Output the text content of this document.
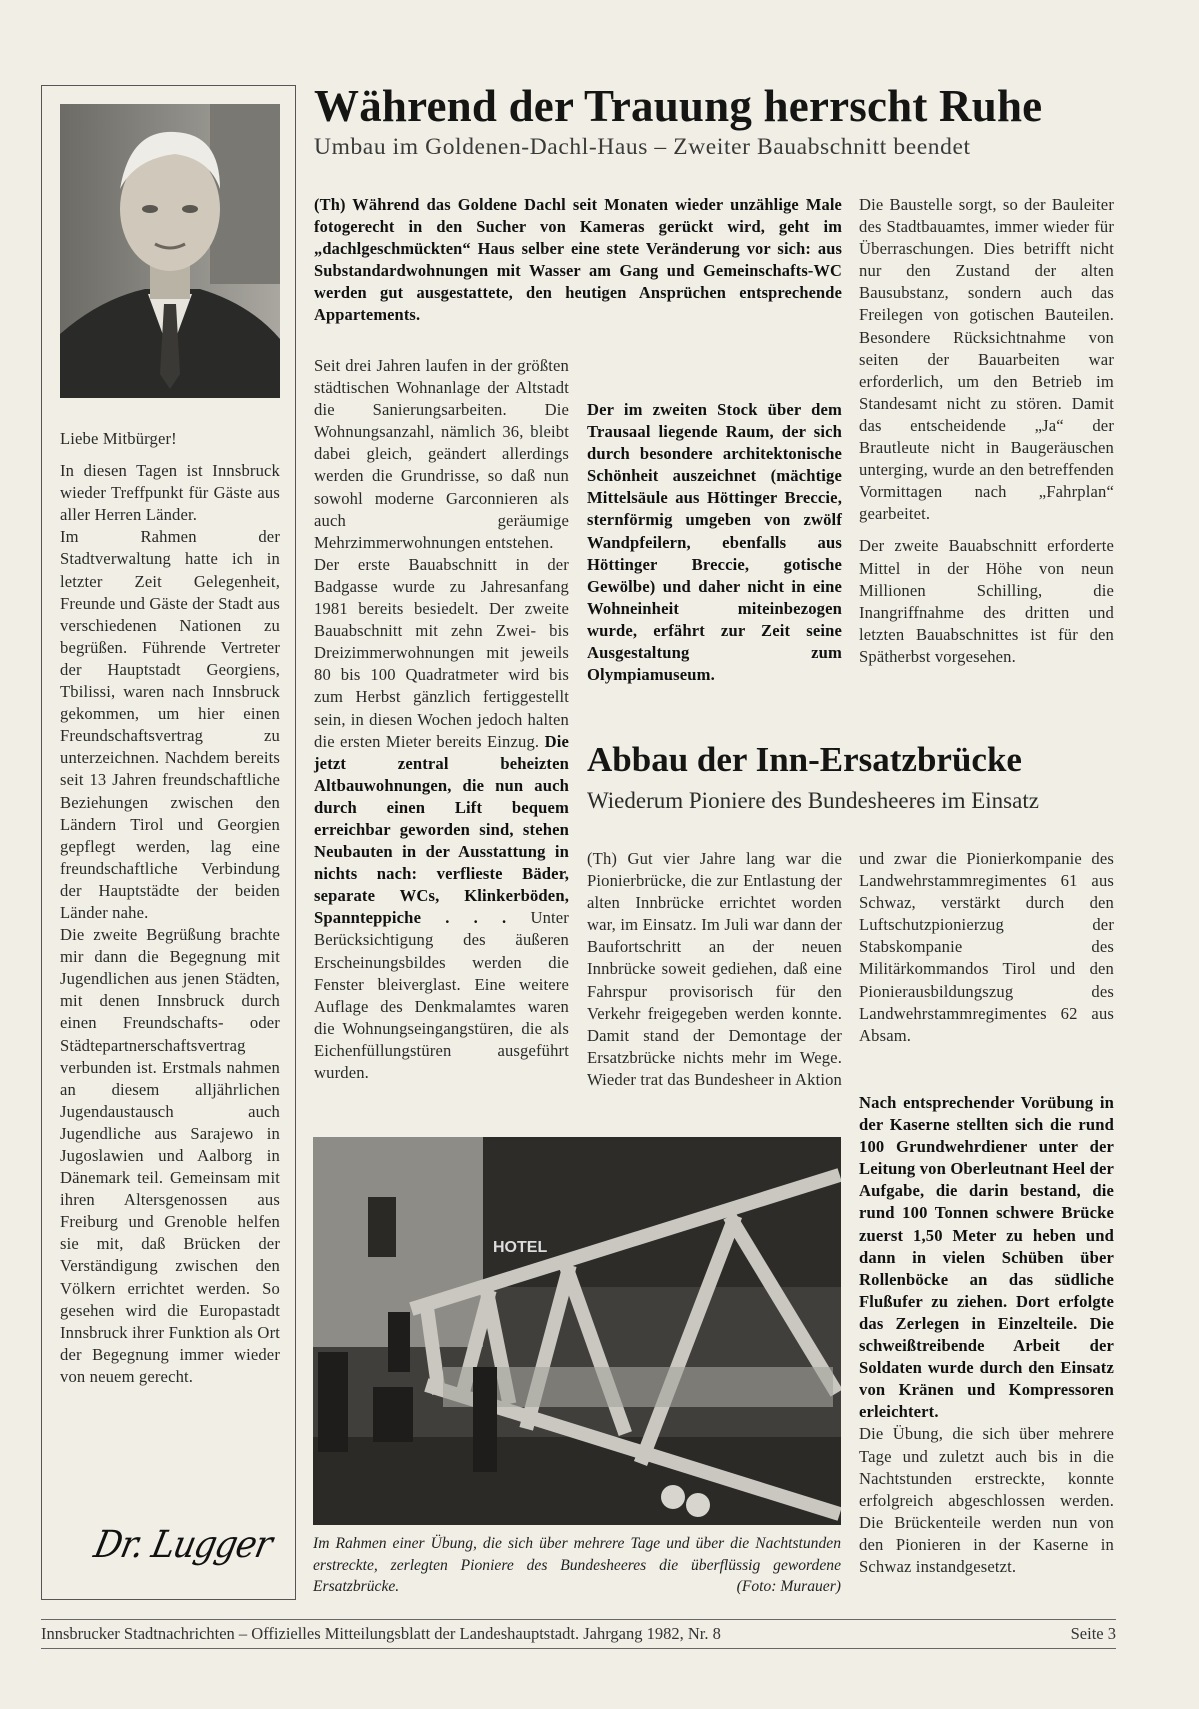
Liebe Mitbürger!

In diesen Tagen ist Innsbruck wieder Treffpunkt für Gäste aus aller Herren Länder.

Im Rahmen der Stadtverwaltung hatte ich in letzter Zeit Gelegenheit, Freunde und Gäste der Stadt aus verschiedenen Nationen zu begrüßen. Führende Vertreter der Hauptstadt Georgiens, Tbilissi, waren nach Innsbruck gekommen, um hier einen Freundschaftsvertrag zu unterzeichnen. Nachdem bereits seit 13 Jahren freundschaftliche Beziehungen zwischen den Ländern Tirol und Georgien gepflegt werden, lag eine freundschaftliche Verbindung der Hauptstädte der beiden Länder nahe.

Die zweite Begrüßung brachte mir dann die Begegnung mit Jugendlichen aus jenen Städten, mit denen Innsbruck durch einen Freundschafts- oder Städtepartnerschaftsvertrag verbunden ist. Erstmals nahmen an diesem alljährlichen Jugendaustausch auch Jugendliche aus Sarajewo in Jugoslawien und Aalborg in Dänemark teil. Gemeinsam mit ihren Altersgenossen aus Freiburg und Grenoble helfen sie mit, daß Brücken der Verständigung zwischen den Völkern errichtet werden. So gesehen wird die Europastadt Innsbruck ihrer Funktion als Ort der Begegnung immer wieder von neuem gerecht.

Dr. Lugger
Während der Trauung herrscht Ruhe
Umbau im Goldenen-Dachl-Haus – Zweiter Bauabschnitt beendet

(Th) Während das Goldene Dachl seit Monaten wieder unzählige Male fotogerecht in den Sucher von Kameras gerückt wird, geht im „dachlgeschmückten“ Haus selber eine stete Veränderung vor sich: aus Substandardwohnungen mit Wasser am Gang und Gemeinschafts-WC werden gut ausgestattete, den heutigen Ansprüchen entsprechende Appartements.

Seit drei Jahren laufen in der größten städtischen Wohnanlage der Altstadt die Sanierungsarbeiten. Die Wohnungsanzahl, nämlich 36, bleibt dabei gleich, geändert allerdings werden die Grundrisse, so daß nun sowohl moderne Garconnieren als auch geräumige Mehrzimmerwohnungen entstehen.

Der erste Bauabschnitt in der Badgasse wurde zu Jahresanfang 1981 bereits besiedelt. Der zweite Bauabschnitt mit zehn Zwei- bis Dreizimmerwohnungen mit jeweils 80 bis 100 Quadratmeter wird bis zum Herbst gänzlich fertiggestellt sein, in diesen Wochen jedoch halten die ersten Mieter bereits Einzug. Die jetzt zentral beheizten Altbauwohnungen, die nun auch durch einen Lift bequem erreichbar geworden sind, stehen Neubauten in der Ausstattung in nichts nach: verflieste Bäder, separate WCs, Klinkerböden, Spannteppiche . . . Unter Berücksichtigung des äußeren Erscheinungsbildes werden die Fenster bleiverglast. Eine weitere Auflage des Denkmalamtes waren die Wohnungseingangstüren, die als Eichenfüllungstüren ausgeführt wurden.

Der im zweiten Stock über dem Trausaal liegende Raum, der sich durch besondere architektonische Schönheit auszeichnet (mächtige Mittelsäule aus Höttinger Breccie, sternförmig umgeben von zwölf Wandpfeilern, ebenfalls aus Höttinger Breccie, gotische Gewölbe) und daher nicht in eine Wohneinheit miteinbezogen wurde, erfährt zur Zeit seine Ausgestaltung zum Olympiamuseum.

Die Baustelle sorgt, so der Bauleiter des Stadtbauamtes, immer wieder für Überraschungen. Dies betrifft nicht nur den Zustand der alten Bausubstanz, sondern auch das Freilegen von gotischen Bauteilen. Besondere Rücksichtnahme von seiten der Bauarbeiten war erforderlich, um den Betrieb im Standesamt nicht zu stören. Damit das entscheidende „Ja“ der Brautleute nicht in Baugeräuschen unterging, wurde an den betreffenden Vormittagen nach „Fahrplan“ gearbeitet.

Der zweite Bauabschnitt erforderte Mittel in der Höhe von neun Millionen Schilling, die Inangriffnahme des dritten und letzten Bauabschnittes ist für den Spätherbst vorgesehen.

Abbau der Inn-Ersatzbrücke
Wiederum Pioniere des Bundesheeres im Einsatz
(Th) Gut vier Jahre lang war die Pionierbrücke, die zur Entlastung der alten Innbrücke errichtet worden war, im Einsatz. Im Juli war dann der Baufortschritt an der neuen Innbrücke soweit gediehen, daß eine Fahrspur provisorisch für den Verkehr freigegeben werden konnte. Damit stand der Demontage der Ersatzbrücke nichts mehr im Wege. Wieder trat das Bundesheer in Aktion und zwar die Pionierkompanie des Landwehrstammregimentes 61 aus Schwaz, verstärkt durch den Luftschutzpionierzug der Stabskompanie des Militärkommandos Tirol und den Pionierausbildungszug des Landwehrstammregimentes 62 aus Absam.
HOTEL
Im Rahmen einer Übung, die sich über mehrere Tage und über die Nachtstunden erstreckte, zerlegten Pioniere des Bundesheeres die überflüssig gewordene Ersatzbrücke.	(Foto: Murauer)

Nach entsprechender Vorübung in der Kaserne stellten sich die rund 100 Grundwehrdiener unter der Leitung von Oberleutnant Heel der Aufgabe, die darin bestand, die rund 100 Tonnen schwere Brücke zuerst 1,50 Meter zu heben und dann in vielen Schüben über Rollenböcke an das südliche Flußufer zu ziehen. Dort erfolgte das Zerlegen in Einzelteile. Die schweißtreibende Arbeit der Soldaten wurde durch den Einsatz von Kränen und Kompressoren erleichtert.

Die Übung, die sich über mehrere Tage und zuletzt auch bis in die Nachtstunden erstreckte, konnte erfolgreich abgeschlossen werden. Die Brückenteile werden nun von den Pionieren in der Kaserne in Schwaz instandgesetzt.

Innsbrucker Stadtnachrichten – Offizielles Mitteilungsblatt der Landeshauptstadt. Jahrgang 1982, Nr. 8	Seite 3
